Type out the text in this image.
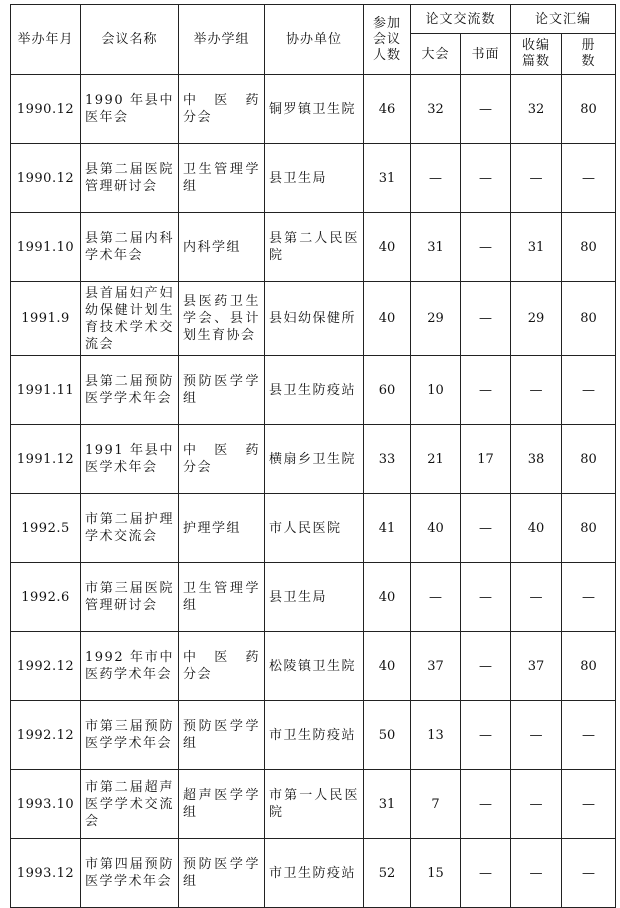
举办年月	会议名称	举办学组	协办单位	参加会议人数	论文交流数		论文汇编	
					大会	书面	收编篇数	册数
1990.12	1990 年县中医年会	中　医　药分会	铜罗镇卫生院	46	32	—	32	80
1990.12	县第二届医院管理研讨会	卫生管理学组	县卫生局	31	—	—	—	—
1991.10	县第二届内科学术年会	内科学组	县第二人民医院	40	31	—	31	80
1991.9	县首届妇产妇幼保健计划生育技术学术交流会	县医药卫生学会、县计划生育协会	县妇幼保健所	40	29	—	29	80
1991.11	县第二届预防医学学术年会	预防医学学组	县卫生防疫站	60	10	—	—	—
1991.12	1991 年县中医学术年会	中　医　药分会	横扇乡卫生院	33	21	17	38	80
1992.5	市第二届护理学术交流会	护理学组	市人民医院	41	40	—	40	80
1992.6	市第三届医院管理研讨会	卫生管理学组	县卫生局	40	—	—	—	—
1992.12	1992 年市中医药学术年会	中　医　药分会	松陵镇卫生院	40	37	—	37	80
1992.12	市第三届预防医学学术年会	预防医学学组	市卫生防疫站	50	13	—	—	—
1993.10	市第二届超声医学学术交流会	超声医学学组	市第一人民医院	31	7	—	—	—
1993.12	市第四届预防医学学术年会	预防医学学组	市卫生防疫站	52	15	—	—	—
